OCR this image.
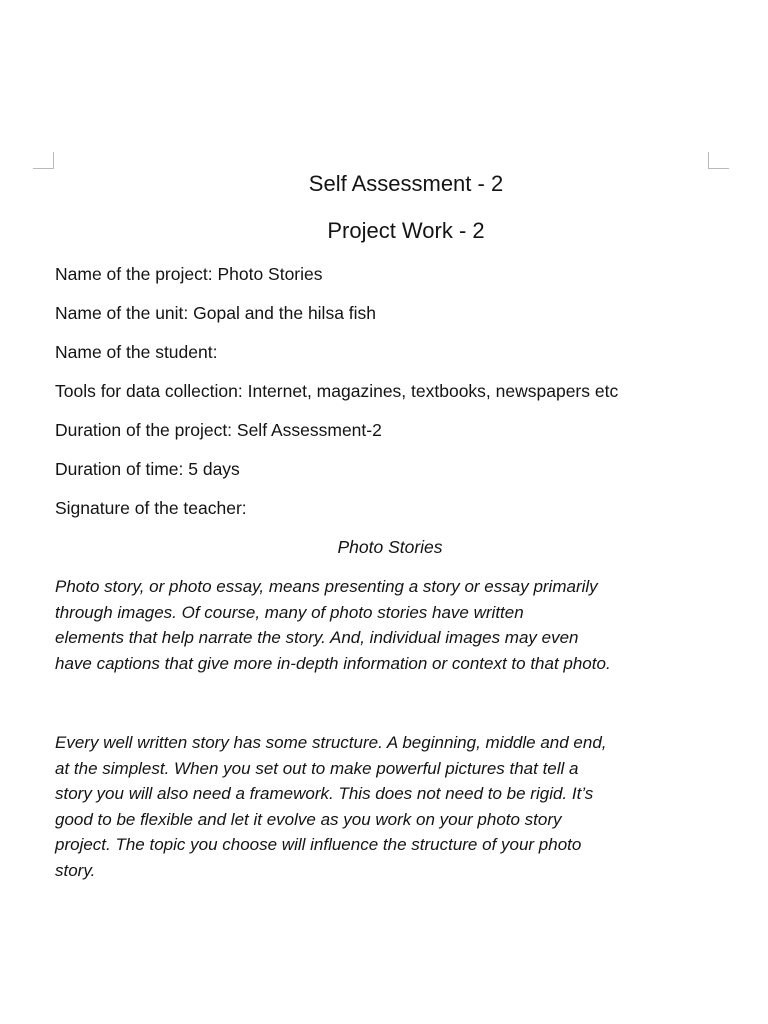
Self Assessment - 2
Project Work - 2
Name of the project: Photo Stories
Name of the unit: Gopal and the hilsa fish
Name of the student:
Tools for data collection: Internet, magazines, textbooks, newspapers etc
Duration of the project: Self Assessment-2
Duration of time: 5 days
Signature of the teacher:
Photo Stories

Photo story, or photo essay, means presenting a story or essay primarily
through images. Of course, many of photo stories have written
elements that help narrate the story. And, individual images may even
have captions that give more in-depth information or context to that photo.

Every well written story has some structure. A beginning, middle and end,
at the simplest. When you set out to make powerful pictures that tell a
story you will also need a framework. This does not need to be rigid. It’s
good to be flexible and let it evolve as you work on your photo story
project. The topic you choose will influence the structure of your photo
story.
